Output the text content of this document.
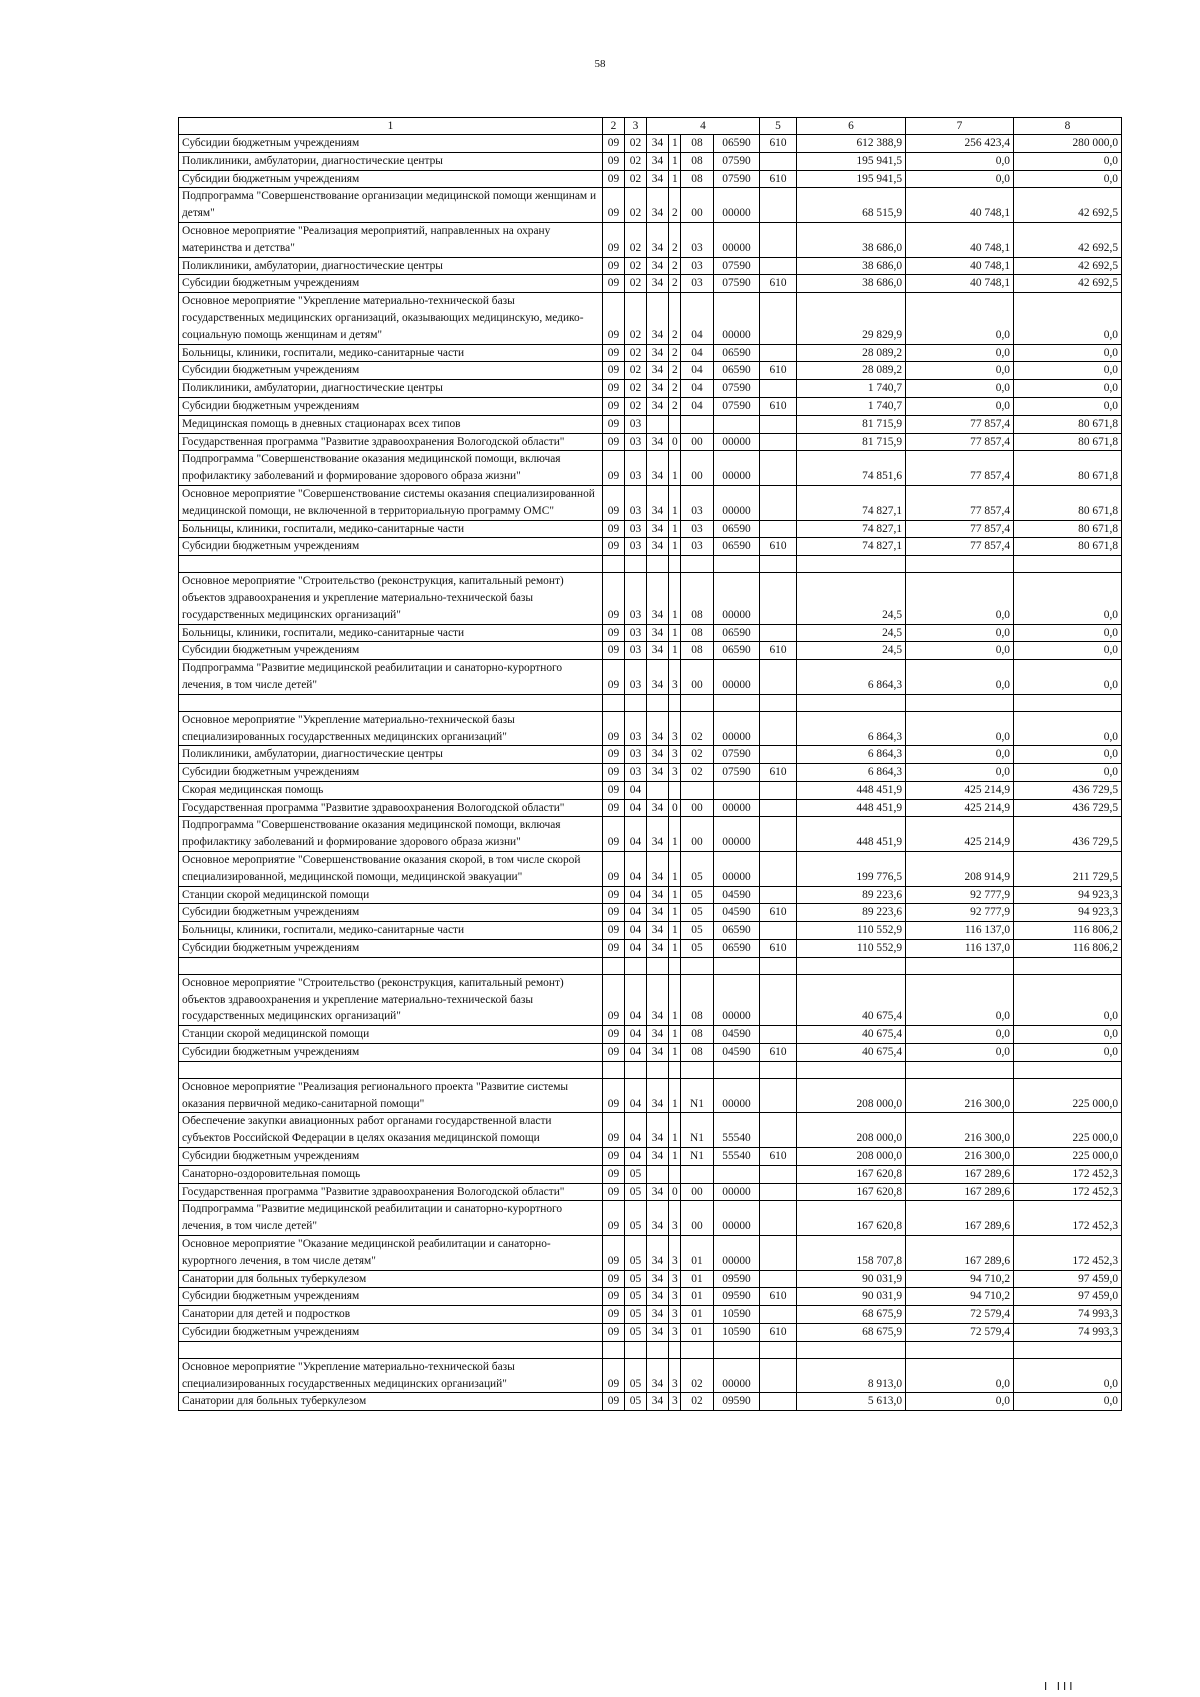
58
1	2	3	4				5	6	7	8
Субсидии бюджетным учреждениям	09	02	34	1	08	06590	610	612 388,9	256 423,4	280 000,0
Поликлиники, амбулатории, диагностические центры	09	02	34	1	08	07590		195 941,5	0,0	0,0
Субсидии бюджетным учреждениям	09	02	34	1	08	07590	610	195 941,5	0,0	0,0
Подпрограмма "Совершенствование организации медицинской помощи женщинам и детям"	09	02	34	2	00	00000		68 515,9	40 748,1	42 692,5
Основное мероприятие "Реализация мероприятий, направленных на охрану материнства и детства"	09	02	34	2	03	00000		38 686,0	40 748,1	42 692,5
Поликлиники, амбулатории, диагностические центры	09	02	34	2	03	07590		38 686,0	40 748,1	42 692,5
Субсидии бюджетным учреждениям	09	02	34	2	03	07590	610	38 686,0	40 748,1	42 692,5
Основное мероприятие "Укрепление материально-технической базы государственных медицинских организаций, оказывающих медицинскую, медико-социальную помощь женщинам и детям"	09	02	34	2	04	00000		29 829,9	0,0	0,0
Больницы, клиники, госпитали, медико-санитарные части	09	02	34	2	04	06590		28 089,2	0,0	0,0
Субсидии бюджетным учреждениям	09	02	34	2	04	06590	610	28 089,2	0,0	0,0
Поликлиники, амбулатории, диагностические центры	09	02	34	2	04	07590		1 740,7	0,0	0,0
Субсидии бюджетным учреждениям	09	02	34	2	04	07590	610	1 740,7	0,0	0,0
Медицинская помощь в дневных стационарах всех типов	09	03						81 715,9	77 857,4	80 671,8
Государственная программа "Развитие здравоохранения Вологодской области"	09	03	34	0	00	00000		81 715,9	77 857,4	80 671,8
Подпрограмма "Совершенствование оказания медицинской помощи, включая профилактику заболеваний и формирование здорового образа жизни"	09	03	34	1	00	00000		74 851,6	77 857,4	80 671,8
Основное мероприятие "Совершенствование системы оказания специализированной медицинской помощи, не включенной в территориальную программу ОМС"	09	03	34	1	03	00000		74 827,1	77 857,4	80 671,8
Больницы, клиники, госпитали, медико-санитарные части	09	03	34	1	03	06590		74 827,1	77 857,4	80 671,8
Субсидии бюджетным учреждениям	09	03	34	1	03	06590	610	74 827,1	77 857,4	80 671,8

Основное мероприятие "Строительство (реконструкция, капитальный ремонт) объектов здравоохранения и укрепление материально-технической базы государственных медицинских организаций"	09	03	34	1	08	00000		24,5	0,0	0,0
Больницы, клиники, госпитали, медико-санитарные части	09	03	34	1	08	06590		24,5	0,0	0,0
Субсидии бюджетным учреждениям	09	03	34	1	08	06590	610	24,5	0,0	0,0
Подпрограмма "Развитие медицинской реабилитации и санаторно-курортного лечения, в том числе детей"	09	03	34	3	00	00000		6 864,3	0,0	0,0

Основное мероприятие "Укрепление материально-технической базы специализированных государственных медицинских организаций"	09	03	34	3	02	00000		6 864,3	0,0	0,0
Поликлиники, амбулатории, диагностические центры	09	03	34	3	02	07590		6 864,3	0,0	0,0
Субсидии бюджетным учреждениям	09	03	34	3	02	07590	610	6 864,3	0,0	0,0
Скорая медицинская помощь	09	04						448 451,9	425 214,9	436 729,5
Государственная программа "Развитие здравоохранения Вологодской области"	09	04	34	0	00	00000		448 451,9	425 214,9	436 729,5
Подпрограмма "Совершенствование оказания медицинской помощи, включая профилактику заболеваний и формирование здорового образа жизни"	09	04	34	1	00	00000		448 451,9	425 214,9	436 729,5
Основное мероприятие "Совершенствование оказания скорой, в том числе скорой специализированной, медицинской помощи, медицинской эвакуации"	09	04	34	1	05	00000		199 776,5	208 914,9	211 729,5
Станции скорой медицинской помощи	09	04	34	1	05	04590		89 223,6	92 777,9	94 923,3
Субсидии бюджетным учреждениям	09	04	34	1	05	04590	610	89 223,6	92 777,9	94 923,3
Больницы, клиники, госпитали, медико-санитарные части	09	04	34	1	05	06590		110 552,9	116 137,0	116 806,2
Субсидии бюджетным учреждениям	09	04	34	1	05	06590	610	110 552,9	116 137,0	116 806,2

Основное мероприятие "Строительство (реконструкция, капитальный ремонт) объектов здравоохранения и укрепление материально-технической базы государственных медицинских организаций"	09	04	34	1	08	00000		40 675,4	0,0	0,0
Станции скорой медицинской помощи	09	04	34	1	08	04590		40 675,4	0,0	0,0
Субсидии бюджетным учреждениям	09	04	34	1	08	04590	610	40 675,4	0,0	0,0

Основное мероприятие "Реализация регионального проекта "Развитие системы оказания первичной медико-санитарной помощи"	09	04	34	1	N1	00000		208 000,0	216 300,0	225 000,0
Обеспечение закупки авиационных работ органами государственной власти субъектов Российской Федерации в целях оказания медицинской помощи	09	04	34	1	N1	55540		208 000,0	216 300,0	225 000,0
Субсидии бюджетным учреждениям	09	04	34	1	N1	55540	610	208 000,0	216 300,0	225 000,0
Санаторно-оздоровительная помощь	09	05						167 620,8	167 289,6	172 452,3
Государственная программа "Развитие здравоохранения Вологодской области"	09	05	34	0	00	00000		167 620,8	167 289,6	172 452,3
Подпрограмма "Развитие медицинской реабилитации и санаторно-курортного лечения, в том числе детей"	09	05	34	3	00	00000		167 620,8	167 289,6	172 452,3
Основное мероприятие "Оказание медицинской реабилитации и санаторно-курортного лечения, в том числе детям"	09	05	34	3	01	00000		158 707,8	167 289,6	172 452,3
Санатории для больных туберкулезом	09	05	34	3	01	09590		90 031,9	94 710,2	97 459,0
Субсидии бюджетным учреждениям	09	05	34	3	01	09590	610	90 031,9	94 710,2	97 459,0
Санатории для детей и подростков	09	05	34	3	01	10590		68 675,9	72 579,4	74 993,3
Субсидии бюджетным учреждениям	09	05	34	3	01	10590	610	68 675,9	72 579,4	74 993,3

Основное мероприятие "Укрепление материально-технической базы специализированных государственных медицинских организаций"	09	05	34	3	02	00000		8 913,0	0,0	0,0
Санатории для больных туберкулезом	09	05	34	3	02	09590		5 613,0	0,0	0,0
I III
